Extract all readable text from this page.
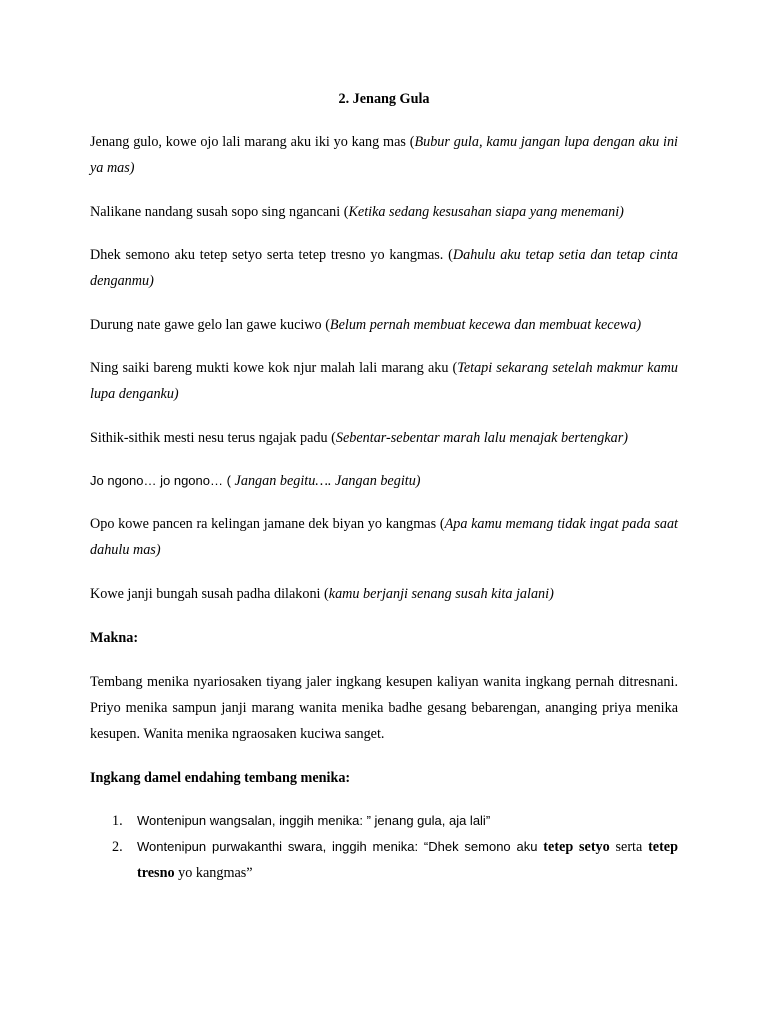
2. Jenang Gula

Jenang gulo, kowe ojo lali marang aku iki yo kang mas (Bubur gula, kamu jangan lupa dengan aku ini ya mas)

Nalikane nandang susah sopo sing ngancani (Ketika sedang kesusahan siapa yang menemani)

Dhek semono aku tetep setyo serta tetep tresno yo kangmas. (Dahulu aku tetap setia dan tetap cinta denganmu)

Durung nate gawe gelo lan gawe kuciwo (Belum pernah membuat kecewa dan membuat kecewa)

Ning saiki bareng mukti kowe kok njur malah lali marang aku (Tetapi sekarang setelah makmur kamu lupa denganku)

Sithik-sithik mesti nesu terus ngajak padu (Sebentar-sebentar marah lalu menajak bertengkar)

Jo ngono… jo ngono… ( Jangan begitu…. Jangan begitu)

Opo kowe pancen ra kelingan jamane dek biyan yo kangmas (Apa kamu memang tidak ingat pada saat dahulu mas)

Kowe janji bungah susah padha dilakoni (kamu berjanji senang susah kita jalani)

Makna:

Tembang menika nyariosaken tiyang jaler ingkang kesupen kaliyan wanita ingkang pernah ditresnani. Priyo menika sampun janji marang wanita menika badhe gesang bebarengan, ananging priya menika kesupen. Wanita menika ngraosaken kuciwa sanget.

Ingkang damel endahing tembang menika:

1. Wontenipun wangsalan, inggih menika: ” jenang gula, aja lali”
2. Wontenipun purwakanthi swara, inggih menika: “Dhek semono aku tetep setyo serta tetep tresno yo kangmas”
